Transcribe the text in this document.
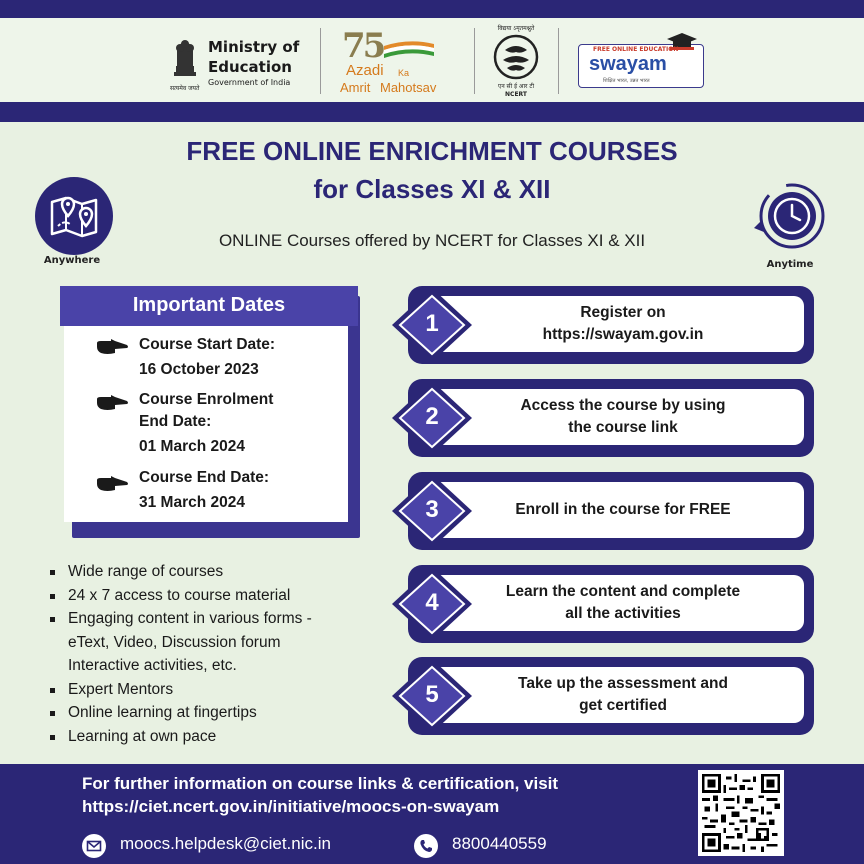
Ministry of
Education
Government of India
सत्यमेव जयते
75
Azadi Ka
Amrit Mahotsav
विद्यया ऽमृतमश्नुते
एन सी ई आर टी
NCERT
FREE ONLINE EDUCATION
swayam
शिक्षित भारत, उन्नत भारत
FREE ONLINE ENRICHMENT COURSES
for Classes XI & XII
ONLINE Courses offered by NCERT for Classes XI & XII
Anywhere	Anytime
Important Dates
Course Start Date:
16 October 2023
Course Enrolment
End Date:
01 March 2024
Course End Date:
31 March 2024
Wide range of courses
24 x 7 access to course material
Engaging content in various forms -
eText, Video, Discussion forum
Interactive activities, etc.
Expert Mentors
Online learning at fingertips
Learning at own pace
1	Register on
https://swayam.gov.in
2	Access the course by using
the course link
3	Enroll in the course for FREE
4	Learn the content and complete
all the activities
5	Take up the assessment and
get certified
For further information on course links & certification, visit
https://ciet.ncert.gov.in/initiative/moocs-on-swayam
moocs.helpdesk@ciet.nic.in	8800440559
